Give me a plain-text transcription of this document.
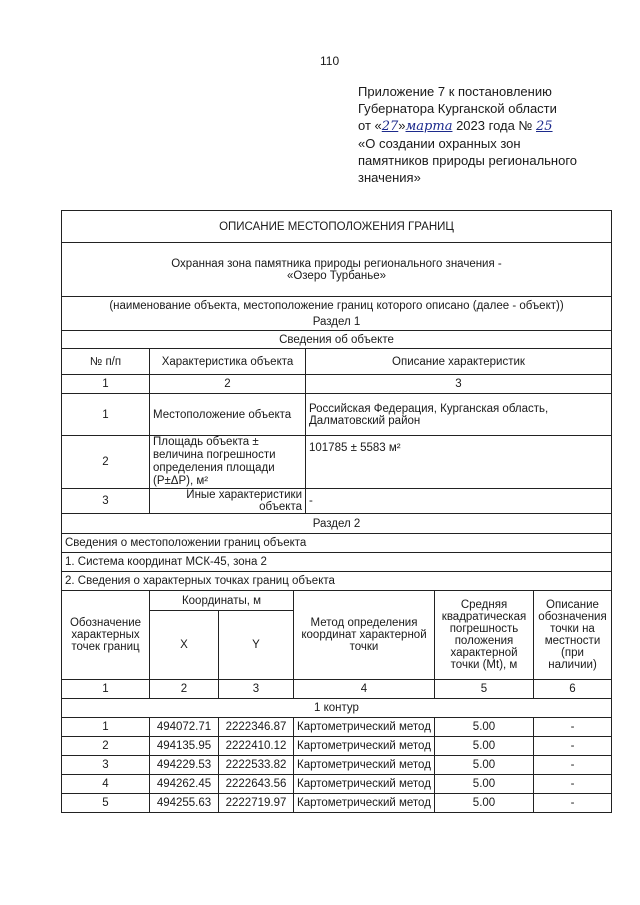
110
Приложение 7 к постановлению
Губернатора Курганской области
от «27»марта 2023 года № 25
«О создании охранных зон
памятников природы регионального
значения»
ОПИСАНИЕ МЕСТОПОЛОЖЕНИЯ ГРАНИЦ						

Охранная зона памятника природы регионального значения -
«Озеро Турбанье»						

(наименование объекта, местоположение границ которого описано (далее - объект))						
Раздел 1						
Сведения об объекте						
№ п/п	Характеристика объекта			Описание характеристик		
1	2			3		
1	Местоположение объекта			Российская Федерация, Курганская область, Далматовский район		
2	Площадь объекта ± величина погрешности определения площади (P±ΔP), м²			101785 ± 5583 м²		
3	Иные характеристики объекта			-		
Раздел 2						
Сведения о местоположении границ объекта						
1. Система координат МСК-45, зона 2						
2. Сведения о характерных точках границ объекта						
Обозначение характерных точек границ	Координаты, м		Метод определения координат характерной точки		Средняя квадратическая погрешность положения характерной точки (Mt), м	Описание обозначения точки на местности (при наличии)
	X	Y				
1	2	3	4		5	6
1 контур						
1	494072.71	2222346.87	Картометрический метод		5.00	-
2	494135.95	2222410.12	Картометрический метод		5.00	-
3	494229.53	2222533.82	Картометрический метод		5.00	-
4	494262.45	2222643.56	Картометрический метод		5.00	-
5	494255.63	2222719.97	Картометрический метод		5.00	-
